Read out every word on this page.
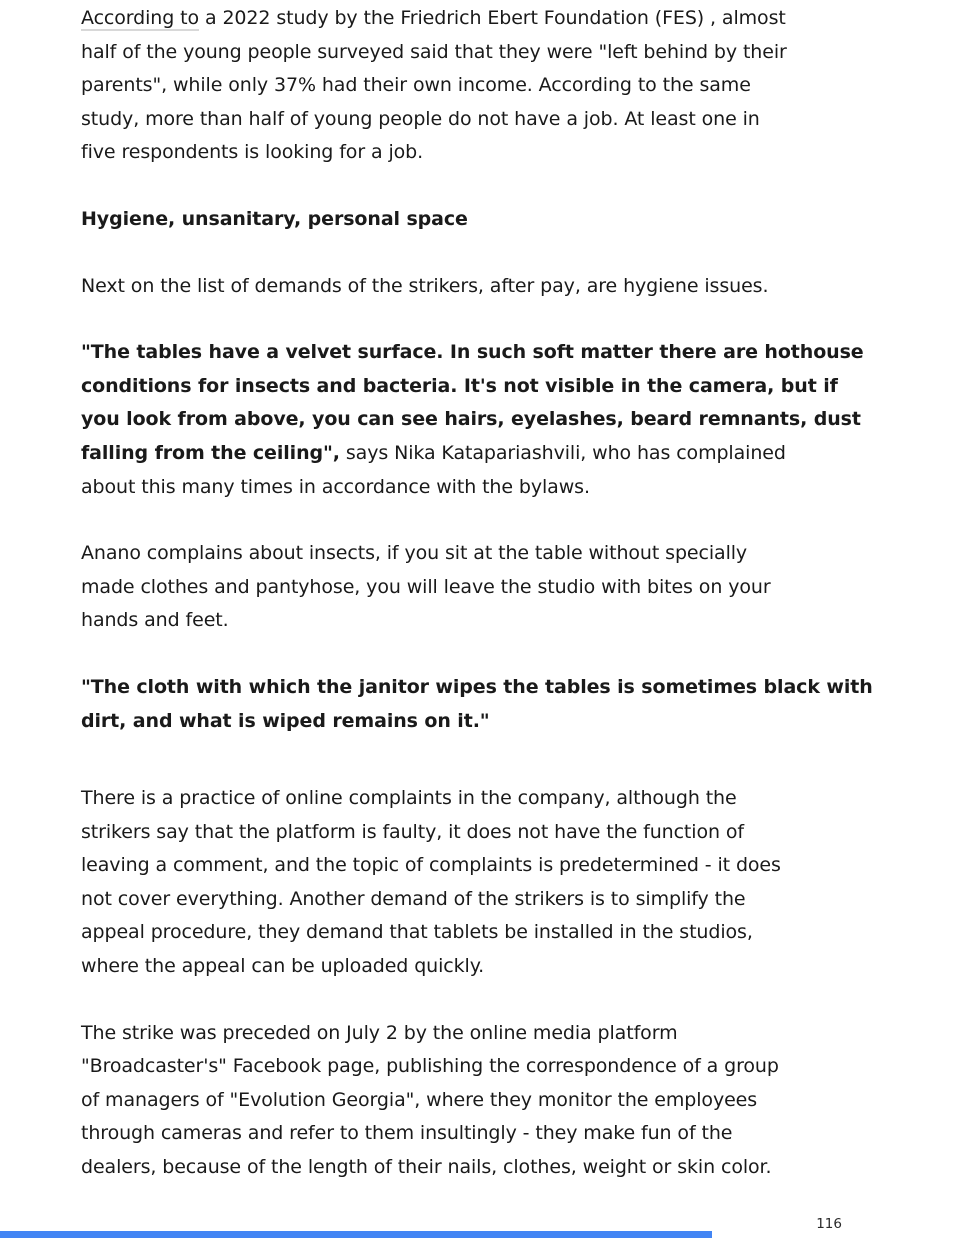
According to a 2022 study by the Friedrich Ebert Foundation (FES) , almost
half of the young people surveyed said that they were "left behind by their
parents", while only 37% had their own income. According to the same
study, more than half of young people do not have a job. At least one in
five respondents is looking for a job.
Hygiene, unsanitary, personal space
Next on the list of demands of the strikers, after pay, are hygiene issues.
"The tables have a velvet surface. In such soft matter there are hothouse
conditions for insects and bacteria. It's not visible in the camera, but if
you look from above, you can see hairs, eyelashes, beard remnants, dust
falling from the ceiling", says Nika Katapariashvili, who has complained
about this many times in accordance with the bylaws.
Anano complains about insects, if you sit at the table without specially
made clothes and pantyhose, you will leave the studio with bites on your
hands and feet.
"The cloth with which the janitor wipes the tables is sometimes black with
dirt, and what is wiped remains on it."
There is a practice of online complaints in the company, although the
strikers say that the platform is faulty, it does not have the function of
leaving a comment, and the topic of complaints is predetermined - it does
not cover everything. Another demand of the strikers is to simplify the
appeal procedure, they demand that tablets be installed in the studios,
where the appeal can be uploaded quickly.
The strike was preceded on July 2 by the online media platform
"Broadcaster's" Facebook page, publishing the correspondence of a group
of managers of "Evolution Georgia", where they monitor the employees
through cameras and refer to them insultingly - they make fun of the
dealers, because of the length of their nails, clothes, weight or skin color.
116
